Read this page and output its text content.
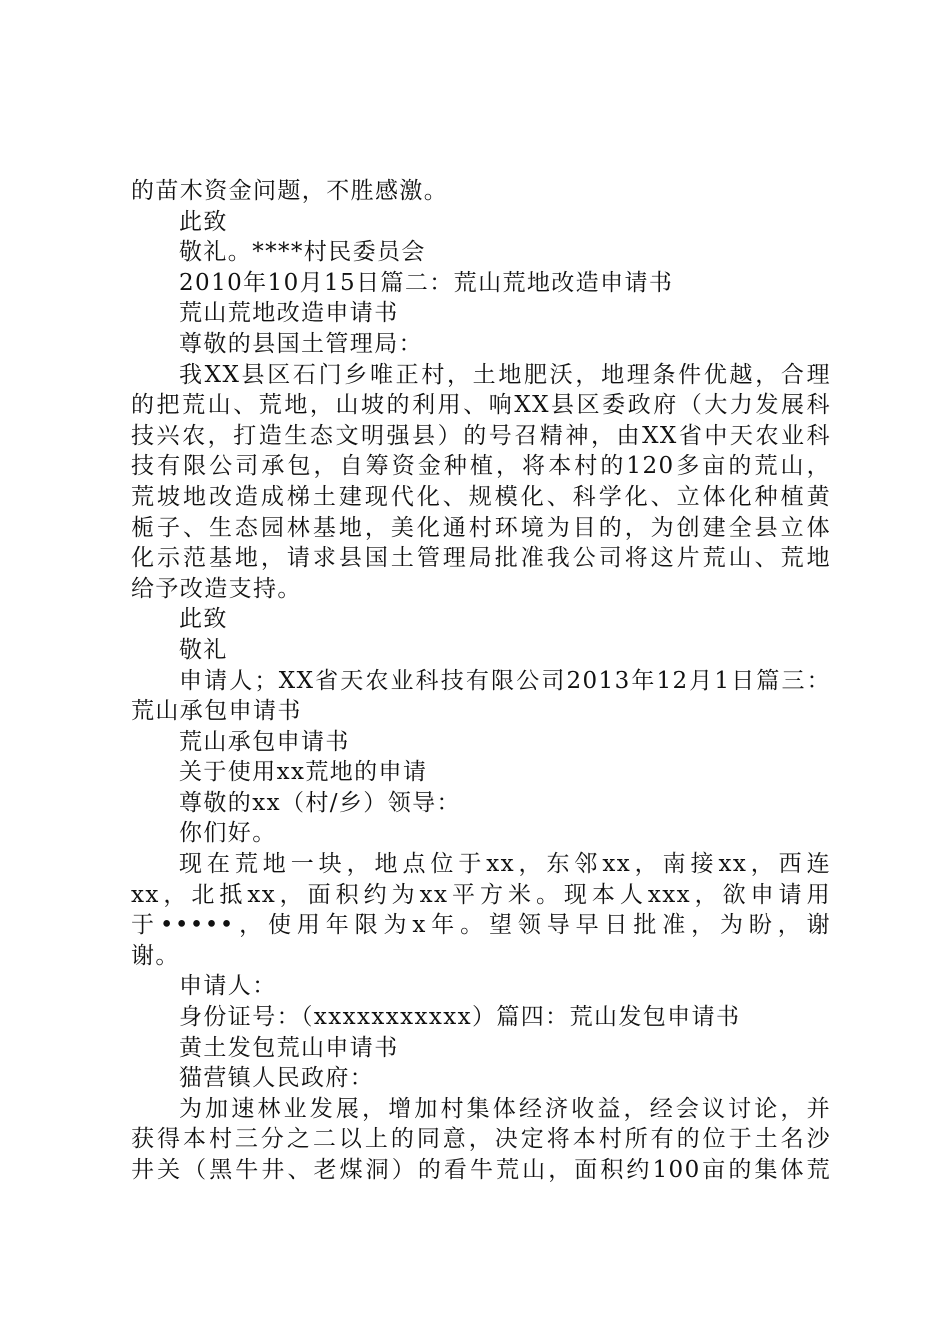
的苗木资金问题，不胜感激。
此致
敬礼。****村民委员会
2010年10月15日篇二：荒山荒地改造申请书
荒山荒地改造申请书
尊敬的县国土管理局：
我XX县区石门乡唯正村，土地肥沃，地理条件优越，合理
的把荒山、荒地，山坡的利用、响XX县区委政府（大力发展科
技兴农，打造生态文明强县）的号召精神，由XX省中天农业科
技有限公司承包，自筹资金种植，将本村的120多亩的荒山，
荒坡地改造成梯土建现代化、规模化、科学化、立体化种植黄
栀子、生态园林基地，美化通村环境为目的，为创建全县立体
化示范基地，请求县国土管理局批准我公司将这片荒山、荒地
给予改造支持。
此致
敬礼
申请人；XX省天农业科技有限公司2013年12月1日篇三：
荒山承包申请书
荒山承包申请书
关于使用xx荒地的申请
尊敬的xx（村/乡）领导：
你们好。
现在荒地一块，地点位于xx，东邻xx，南接xx，西连
xx，北抵xx，面积约为xx平方米。现本人xxx，欲申请用
于•••••，使用年限为x年。望领导早日批准，为盼，谢
谢。
申请人：
身份证号：（xxxxxxxxxxx）篇四：荒山发包申请书
黄土发包荒山申请书
猫营镇人民政府：
为加速林业发展，增加村集体经济收益，经会议讨论，并
获得本村三分之二以上的同意，决定将本村所有的位于土名沙
井关（黑牛井、老煤洞）的看牛荒山，面积约100亩的集体荒
